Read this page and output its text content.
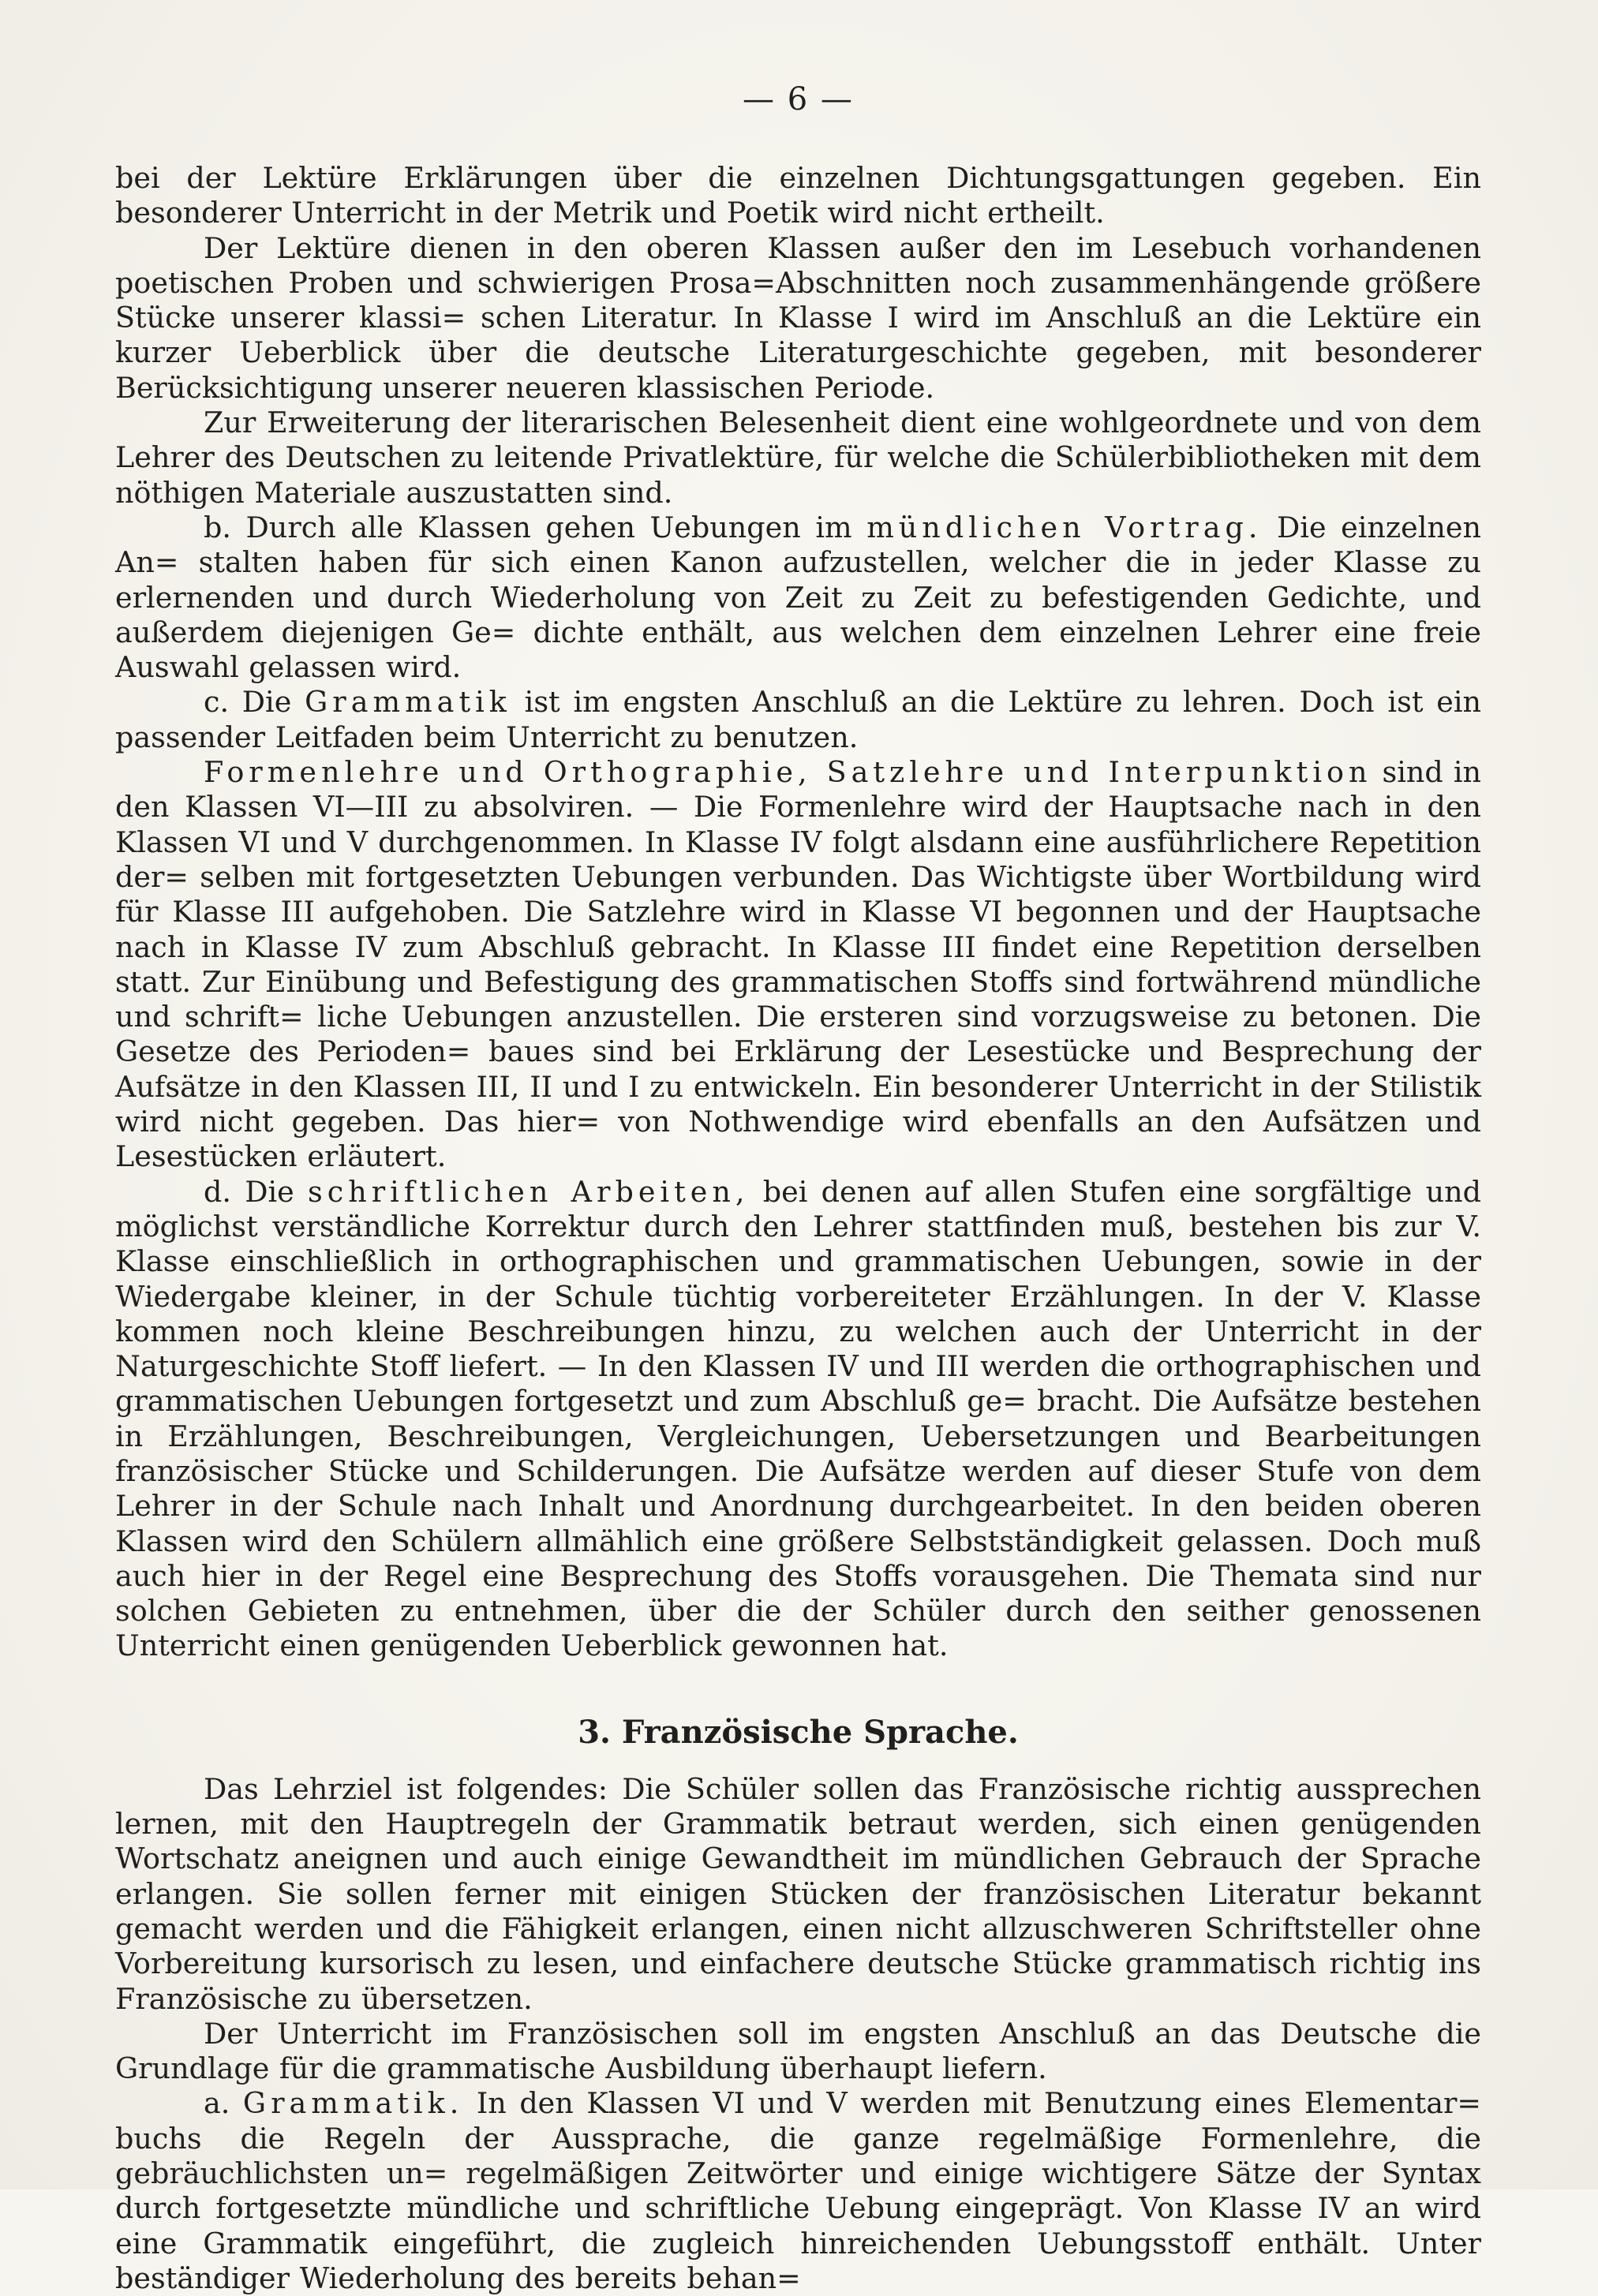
— 6 —

bei der Lektüre Erklärungen über die einzelnen Dichtungsgattungen gegeben. Ein besonderer Unterricht in der Metrik und Poetik wird nicht ertheilt.

Der Lektüre dienen in den oberen Klassen außer den im Lesebuch vorhandenen poetischen Proben und schwierigen Prosa=Abschnitten noch zusammenhängende größere Stücke unserer klassi= schen Literatur. In Klasse I wird im Anschluß an die Lektüre ein kurzer Ueberblick über die deutsche Literaturgeschichte gegeben, mit besonderer Berücksichtigung unserer neueren klassischen Periode.

Zur Erweiterung der literarischen Belesenheit dient eine wohlgeordnete und von dem Lehrer des Deutschen zu leitende Privatlektüre, für welche die Schülerbibliotheken mit dem nöthigen Materiale auszustatten sind.

b. Durch alle Klassen gehen Uebungen im mündlichen Vortrag. Die einzelnen An= stalten haben für sich einen Kanon aufzustellen, welcher die in jeder Klasse zu erlernenden und durch Wiederholung von Zeit zu Zeit zu befestigenden Gedichte, und außerdem diejenigen Ge= dichte enthält, aus welchen dem einzelnen Lehrer eine freie Auswahl gelassen wird.

c. Die Grammatik ist im engsten Anschluß an die Lektüre zu lehren. Doch ist ein passender Leitfaden beim Unterricht zu benutzen.

Formenlehre und Orthographie, Satzlehre und Interpunktion sind in den Klassen VI—III zu absolviren. — Die Formenlehre wird der Hauptsache nach in den Klassen VI und V durchgenommen. In Klasse IV folgt alsdann eine ausführlichere Repetition der= selben mit fortgesetzten Uebungen verbunden. Das Wichtigste über Wortbildung wird für Klasse III aufgehoben. Die Satzlehre wird in Klasse VI begonnen und der Hauptsache nach in Klasse IV zum Abschluß gebracht. In Klasse III findet eine Repetition derselben statt. Zur Einübung und Befestigung des grammatischen Stoffs sind fortwährend mündliche und schrift= liche Uebungen anzustellen. Die ersteren sind vorzugsweise zu betonen. Die Gesetze des Perioden= baues sind bei Erklärung der Lesestücke und Besprechung der Aufsätze in den Klassen III, II und I zu entwickeln. Ein besonderer Unterricht in der Stilistik wird nicht gegeben. Das hier= von Nothwendige wird ebenfalls an den Aufsätzen und Lesestücken erläutert.

d. Die schriftlichen Arbeiten, bei denen auf allen Stufen eine sorgfältige und möglichst verständliche Korrektur durch den Lehrer stattfinden muß, bestehen bis zur V. Klasse einschließlich in orthographischen und grammatischen Uebungen, sowie in der Wiedergabe kleiner, in der Schule tüchtig vorbereiteter Erzählungen. In der V. Klasse kommen noch kleine Beschreibungen hinzu, zu welchen auch der Unterricht in der Naturgeschichte Stoff liefert. — In den Klassen IV und III werden die orthographischen und grammatischen Uebungen fortgesetzt und zum Abschluß ge= bracht. Die Aufsätze bestehen in Erzählungen, Beschreibungen, Vergleichungen, Uebersetzungen und Bearbeitungen französischer Stücke und Schilderungen. Die Aufsätze werden auf dieser Stufe von dem Lehrer in der Schule nach Inhalt und Anordnung durchgearbeitet. In den beiden oberen Klassen wird den Schülern allmählich eine größere Selbstständigkeit gelassen. Doch muß auch hier in der Regel eine Besprechung des Stoffs vorausgehen. Die Themata sind nur solchen Gebieten zu entnehmen, über die der Schüler durch den seither genossenen Unterricht einen genügenden Ueberblick gewonnen hat.

3. Französische Sprache.

Das Lehrziel ist folgendes: Die Schüler sollen das Französische richtig aussprechen lernen, mit den Hauptregeln der Grammatik betraut werden, sich einen genügenden Wortschatz aneignen und auch einige Gewandtheit im mündlichen Gebrauch der Sprache erlangen. Sie sollen ferner mit einigen Stücken der französischen Literatur bekannt gemacht werden und die Fähigkeit erlangen, einen nicht allzuschweren Schriftsteller ohne Vorbereitung kursorisch zu lesen, und einfachere deutsche Stücke grammatisch richtig ins Französische zu übersetzen.

Der Unterricht im Französischen soll im engsten Anschluß an das Deutsche die Grundlage für die grammatische Ausbildung überhaupt liefern.

a. Grammatik. In den Klassen VI und V werden mit Benutzung eines Elementar= buchs die Regeln der Aussprache, die ganze regelmäßige Formenlehre, die gebräuchlichsten un= regelmäßigen Zeitwörter und einige wichtigere Sätze der Syntax durch fortgesetzte mündliche und schriftliche Uebung eingeprägt. Von Klasse IV an wird eine Grammatik eingeführt, die zugleich hinreichenden Uebungsstoff enthält. Unter beständiger Wiederholung des bereits behan=
